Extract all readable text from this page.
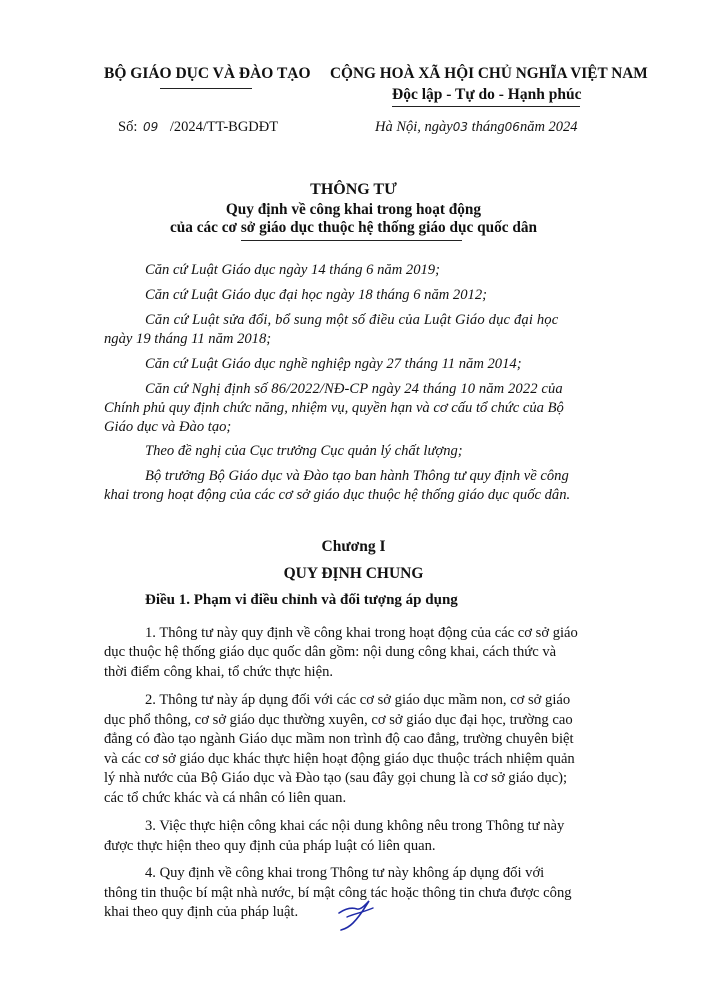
BỘ GIÁO DỤC VÀ ĐÀO TẠO CỘNG HOÀ XÃ HỘI CHỦ NGHĨA VIỆT NAM
Độc lập - Tự do - Hạnh phúc
Số: 09 /2024/TT-BGDĐT	Hà Nội, ngày03 tháng06năm 2024
THÔNG TƯ
Quy định về công khai trong hoạt động
của các cơ sở giáo dục thuộc hệ thống giáo dục quốc dân
Căn cứ Luật Giáo dục ngày 14 tháng 6 năm 2019;
Căn cứ Luật Giáo dục đại học ngày 18 tháng 6 năm 2012;
Căn cứ Luật sửa đổi, bổ sung một số điều của Luật Giáo dục đại học
ngày 19 tháng 11 năm 2018;
Căn cứ Luật Giáo dục nghề nghiệp ngày 27 tháng 11 năm 2014;
Căn cứ Nghị định số 86/2022/NĐ-CP ngày 24 tháng 10 năm 2022 của
Chính phủ quy định chức năng, nhiệm vụ, quyền hạn và cơ cấu tổ chức của Bộ
Giáo dục và Đào tạo;
Theo đề nghị của Cục trưởng Cục quản lý chất lượng;
Bộ trưởng Bộ Giáo dục và Đào tạo ban hành Thông tư quy định về công
khai trong hoạt động của các cơ sở giáo dục thuộc hệ thống giáo dục quốc dân.
Chương I
QUY ĐỊNH CHUNG
Điều 1. Phạm vi điều chỉnh và đối tượng áp dụng
1. Thông tư này quy định về công khai trong hoạt động của các cơ sở giáo
dục thuộc hệ thống giáo dục quốc dân gồm: nội dung công khai, cách thức và
thời điểm công khai, tổ chức thực hiện.
2. Thông tư này áp dụng đối với các cơ sở giáo dục mầm non, cơ sở giáo
dục phổ thông, cơ sở giáo dục thường xuyên, cơ sở giáo dục đại học, trường cao
đẳng có đào tạo ngành Giáo dục mầm non trình độ cao đẳng, trường chuyên biệt
và các cơ sở giáo dục khác thực hiện hoạt động giáo dục thuộc trách nhiệm quản
lý nhà nước của Bộ Giáo dục và Đào tạo (sau đây gọi chung là cơ sở giáo dục);
các tổ chức khác và cá nhân có liên quan.
3. Việc thực hiện công khai các nội dung không nêu trong Thông tư này
được thực hiện theo quy định của pháp luật có liên quan.
4. Quy định về công khai trong Thông tư này không áp dụng đối với
thông tin thuộc bí mật nhà nước, bí mật công tác hoặc thông tin chưa được công
khai theo quy định của pháp luật.
